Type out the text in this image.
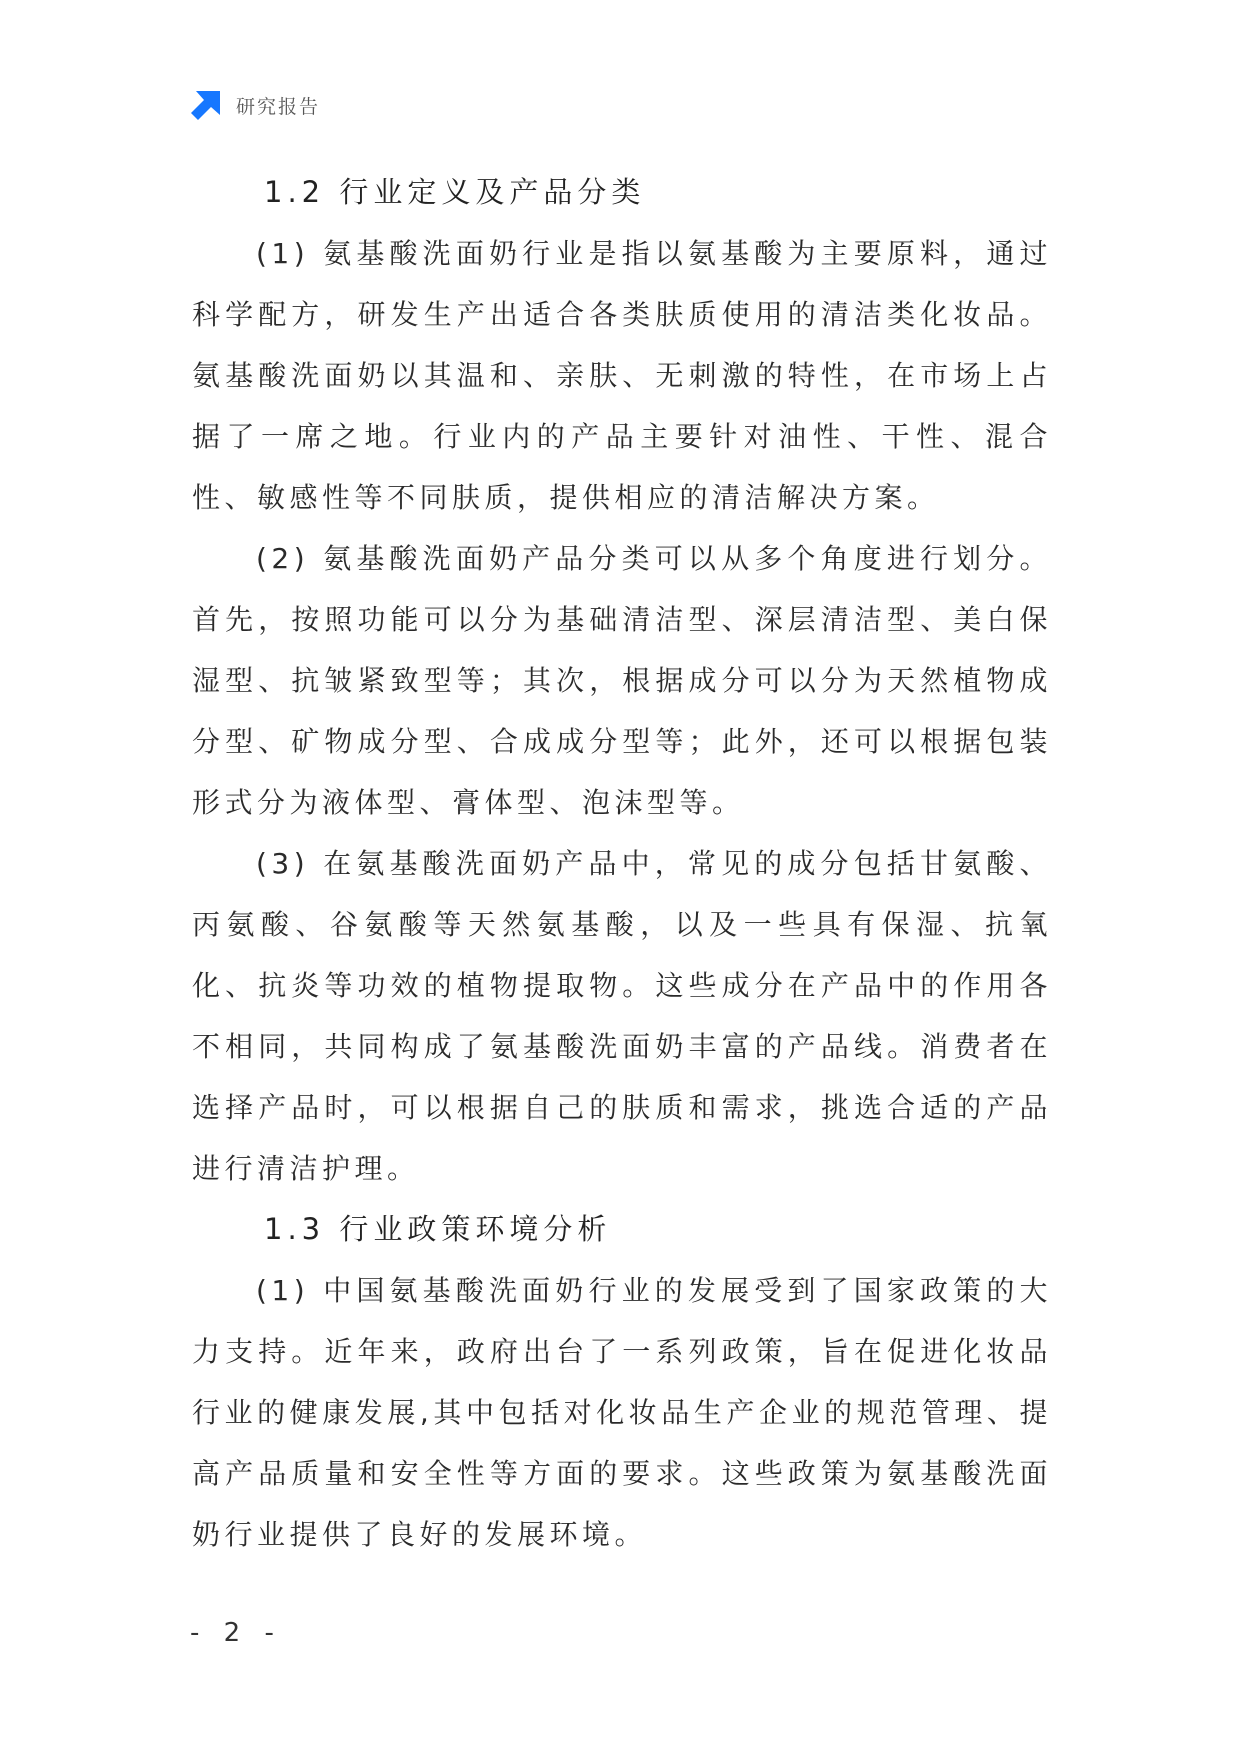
研究报告
1.2 行业定义及产品分类

(1) 氨基酸洗面奶行业是指以氨基酸为主要原料，通过科学配方，研发生产出适合各类肤质使用的清洁类化妆品。氨基酸洗面奶以其温和、亲肤、无刺激的特性，在市场上占据了一席之地。行业内的产品主要针对油性、干性、混合性、敏感性等不同肤质，提供相应的清洁解决方案。

(2) 氨基酸洗面奶产品分类可以从多个角度进行划分。首先，按照功能可以分为基础清洁型、深层清洁型、美白保湿型、抗皱紧致型等；其次，根据成分可以分为天然植物成分型、矿物成分型、合成成分型等；此外，还可以根据包装形式分为液体型、膏体型、泡沫型等。

(3) 在氨基酸洗面奶产品中，常见的成分包括甘氨酸、丙氨酸、谷氨酸等天然氨基酸，以及一些具有保湿、抗氧化、抗炎等功效的植物提取物。这些成分在产品中的作用各不相同，共同构成了氨基酸洗面奶丰富的产品线。消费者在选择产品时，可以根据自己的肤质和需求，挑选合适的产品进行清洁护理。

1.3 行业政策环境分析

(1) 中国氨基酸洗面奶行业的发展受到了国家政策的大力支持。近年来，政府出台了一系列政策，旨在促进化妆品行业的健康发展,其中包括对化妆品生产企业的规范管理、提高产品质量和安全性等方面的要求。这些政策为氨基酸洗面奶行业提供了良好的发展环境。

- 2 -
